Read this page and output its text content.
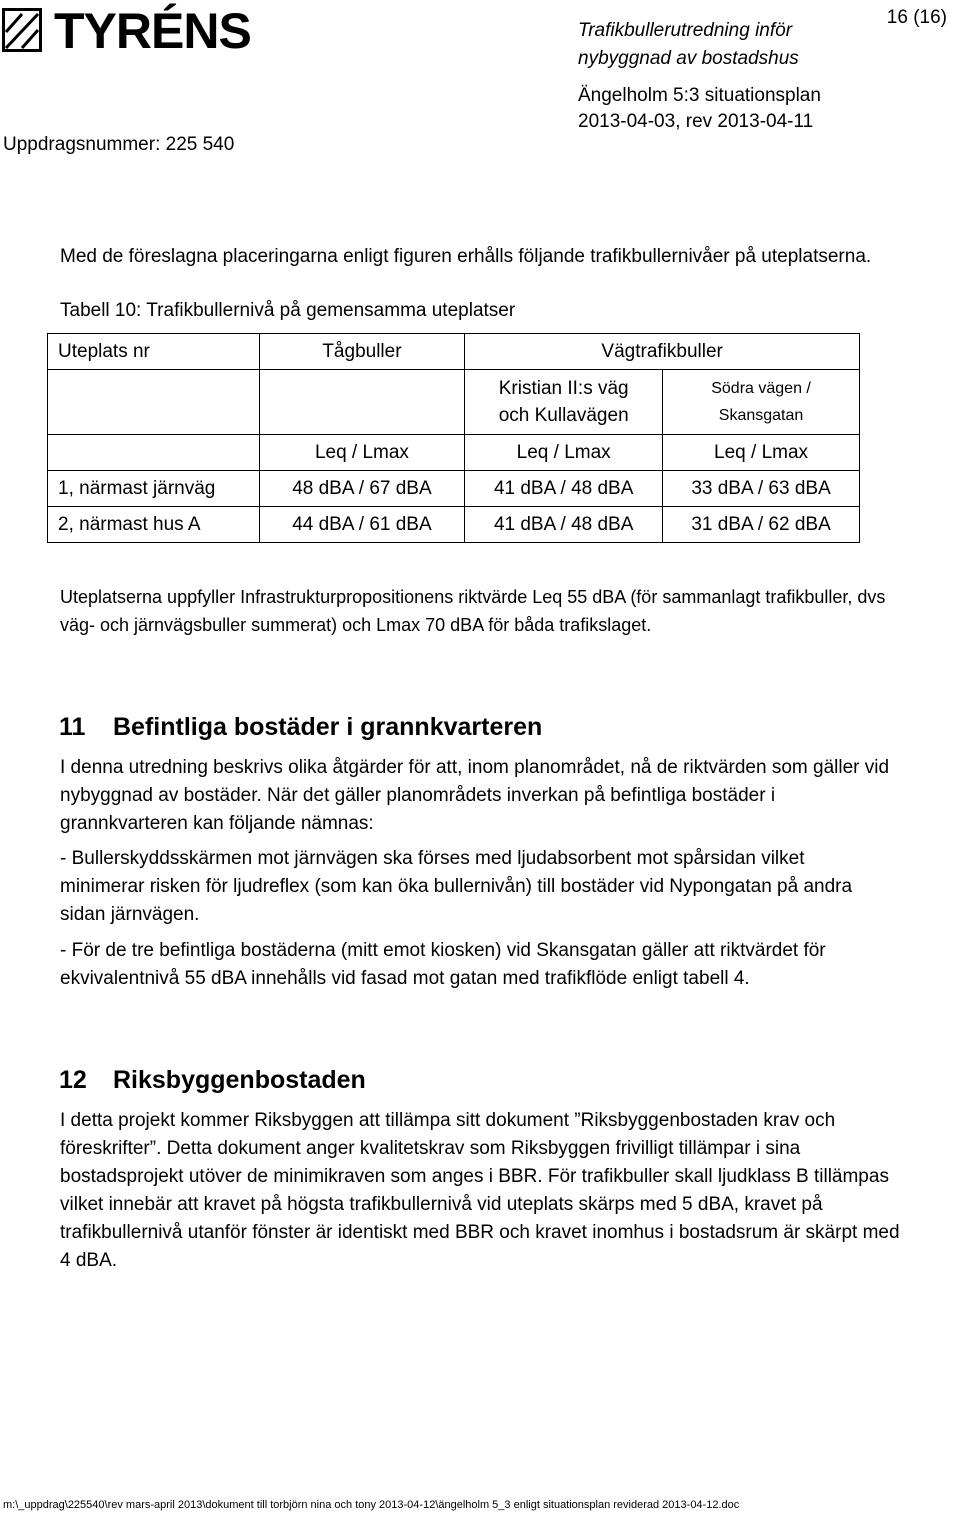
TYRÉNS	Trafikbullerutredning inför
nybyggnad av bostadshus
Ängelholm 5:3 situationsplan
2013-04-03, rev 2013-04-11
16 (16)
Uppdragsnummer: 225 540
Med de föreslagna placeringarna enligt figuren erhålls följande trafikbullernivåer på uteplatserna.
Tabell 10: Trafikbullernivå på gemensamma uteplatser
Uteplats nr	Tågbuller	Vägtrafikbuller	
		Kristian II:s väg och Kullavägen	Södra vägen / Skansgatan
	Leq / Lmax	Leq / Lmax	Leq / Lmax
1, närmast järnväg	48 dBA / 67 dBA	41 dBA / 48 dBA	33 dBA / 63 dBA
2, närmast hus A	44 dBA / 61 dBA	41 dBA / 48 dBA	31 dBA / 62 dBA
Uteplatserna uppfyller Infrastrukturpropositionens riktvärde Leq 55 dBA (för sammanlagt trafikbuller, dvs väg- och järnvägsbuller summerat) och Lmax 70 dBA för båda trafikslaget.
11 Befintliga bostäder i grannkvarteren
I denna utredning beskrivs olika åtgärder för att, inom planområdet, nå de riktvärden som gäller vid nybyggnad av bostäder. När det gäller planområdets inverkan på befintliga bostäder i grannkvarteren kan följande nämnas:
- Bullerskyddsskärmen mot järnvägen ska förses med ljudabsorbent mot spårsidan vilket minimerar risken för ljudreflex (som kan öka bullernivån) till bostäder vid Nypongatan på andra sidan järnvägen.
- För de tre befintliga bostäderna (mitt emot kiosken) vid Skansgatan gäller att riktvärdet för ekvivalentnivå 55 dBA innehålls vid fasad mot gatan med trafikflöde enligt tabell 4.
12 Riksbyggenbostaden
I detta projekt kommer Riksbyggen att tillämpa sitt dokument ”Riksbyggenbostaden krav och föreskrifter”. Detta dokument anger kvalitetskrav som Riksbyggen frivilligt tillämpar i sina bostadsprojekt utöver de minimikraven som anges i BBR. För trafikbuller skall ljudklass B tillämpas vilket innebär att kravet på högsta trafikbullernivå vid uteplats skärps med 5 dBA, kravet på trafikbullernivå utanför fönster är identiskt med BBR och kravet inomhus i bostadsrum är skärpt med 4 dBA.
m:\_uppdrag\225540\rev mars-april 2013\dokument till torbjörn nina och tony 2013-04-12\ängelholm 5_3 enligt situationsplan reviderad 2013-04-12.doc
